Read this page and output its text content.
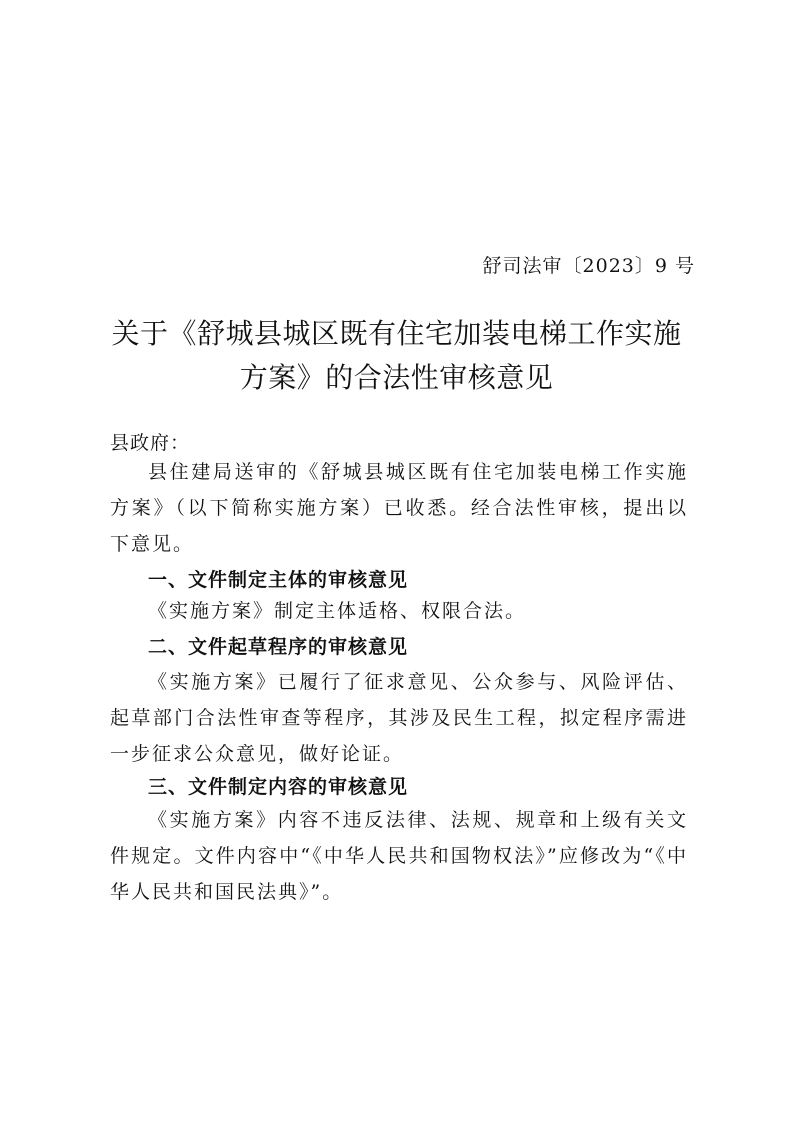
舒司法审〔2023〕9 号
关于《舒城县城区既有住宅加装电梯工作实施
方案》的合法性审核意见
县政府：
县住建局送审的《舒城县城区既有住宅加装电梯工作实施方案》（以下简称实施方案）已收悉。经合法性审核，提出以下意见。
一、文件制定主体的审核意见
《实施方案》制定主体适格、权限合法。
二、文件起草程序的审核意见
《实施方案》已履行了征求意见、公众参与、风险评估、起草部门合法性审查等程序，其涉及民生工程，拟定程序需进一步征求公众意见，做好论证。
三、文件制定内容的审核意见
《实施方案》内容不违反法律、法规、规章和上级有关文件规定。文件内容中“《中华人民共和国物权法》”应修改为“《中华人民共和国民法典》”。
